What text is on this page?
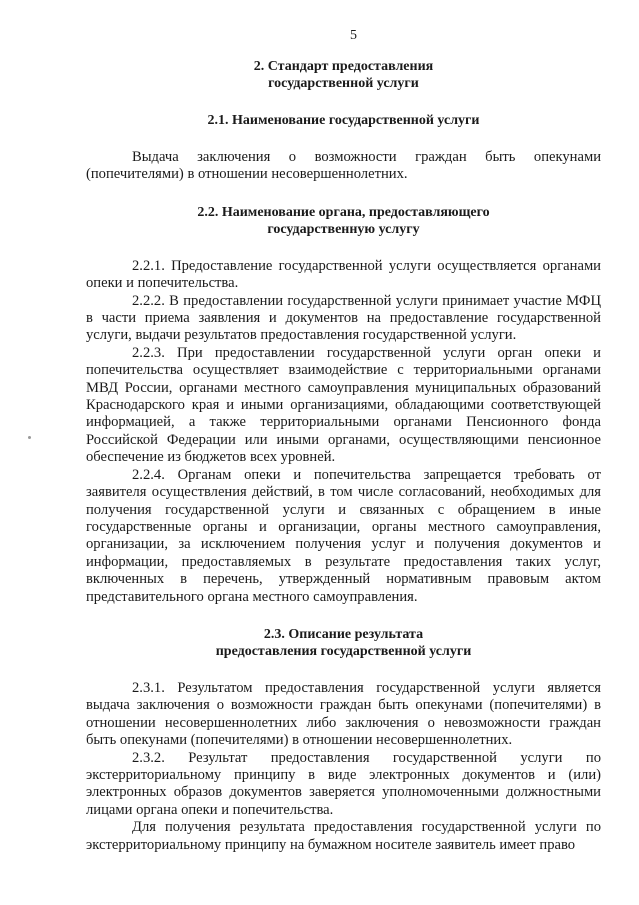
5

2. Стандарт предоставления

государственной услуги

2.1. Наименование государственной услуги

Выдача заключения о возможности граждан быть опекунами (попечителями) в отношении несовершеннолетних.

2.2. Наименование органа, предоставляющего

государственную услугу

2.2.1. Предоставление государственной услуги осуществляется органами опеки и попечительства.

2.2.2. В предоставлении государственной услуги принимает участие МФЦ в части приема заявления и документов на предоставление государственной услуги, выдачи результатов предоставления государственной услуги.

2.2.3. При предоставлении государственной услуги орган опеки и попечительства осуществляет взаимодействие с территориальными органами МВД России, органами местного самоуправления муниципальных образований Краснодарского края и иными организациями, обладающими соответствующей информацией, а также территориальными органами Пенсионного фонда Российской Федерации или иными органами, осуществляющими пенсионное обеспечение из бюджетов всех уровней.

2.2.4. Органам опеки и попечительства запрещается требовать от заявителя осуществления действий, в том числе согласований, необходимых для получения государственной услуги и связанных с обращением в иные государственные органы и организации, органы местного самоуправления, организации, за исключением получения услуг и получения документов и информации, предоставляемых в результате предоставления таких услуг, включенных в перечень, утвержденный нормативным правовым актом представительного органа местного самоуправления.

2.3. Описание результата

предоставления государственной услуги

2.3.1. Результатом предоставления государственной услуги является выдача заключения о возможности граждан быть опекунами (попечителями) в отношении несовершеннолетних либо заключения о невозможности граждан быть опекунами (попечителями) в отношении несовершеннолетних.

2.3.2. Результат предоставления государственной услуги по экстерриториальному принципу в виде электронных документов и (или) электронных образов документов заверяется уполномоченными должностными лицами органа опеки и попечительства.

Для получения результата предоставления государственной услуги по экстерриториальному принципу на бумажном носителе заявитель имеет право
